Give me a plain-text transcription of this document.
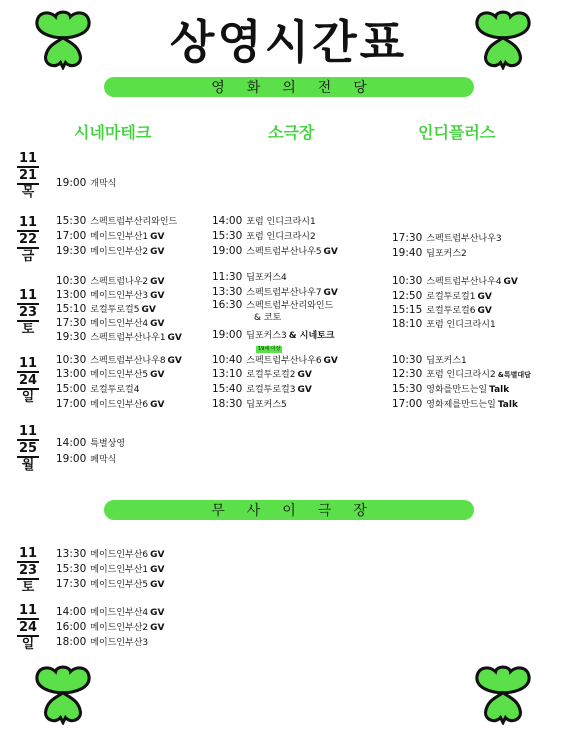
상영시간표
영화의전당
시네마테크	소극장	인디플러스
11
21
목
11
22
금
11
23
토
11
24
일
11
25
월
19:00 개막식
15:30 스펙트럼부산리와인드
17:00 메이드인부산1 GV
19:30 메이드인부산2 GV
14:00 포럼 인디크라시1
15:30 포럼 인디크라시2
19:00 스펙트럼부산나우5 GV
17:30 스펙트럼부산나우3
19:40 딥포커스2
10:30 스펙트럼나우2 GV
13:00 메이드인부산3 GV
15:10 로컬투로컬5 GV
17:30 메이드인부산4 GV
19:30 스펙트럼부산나우1 GV
11:30 딥포커스4
13:30 스펙트럼부산나우7 GV
16:30 스펙트럼부산리와인드
& 코토
19:00 딥포커스3 & 시네토크
10:30 스펙트럼부산나우4 GV
12:50 로컬투로컬1 GV
15:15 로컬투로컬6 GV
18:10 포럼 인디크라시1
10:30 스펙트럼부산나우8 GV
13:00 메이드인부산5 GV
15:00 로컬투로컬4
17:00 메이드인부산6 GV
19세 이상
10:40 스펙트럼부산나우6 GV
13:10 로컬투로컬2 GV
15:40 로컬투로컬3 GV
18:30 딥포커스5
10:30 딥포커스1
12:30 포럼 인디크라시2 &특별대담
15:30 영화를만드는일 Talk
17:00 영화제를만드는일 Talk
14:00 특별상영
19:00 폐막식
무사이극장
11
23
토
11
24
일
13:30 메이드인부산6 GV
15:30 메이드인부산1 GV
17:30 메이드인부산5 GV
14:00 메이드인부산4 GV
16:00 메이드인부산2 GV
18:00 메이드인부산3
